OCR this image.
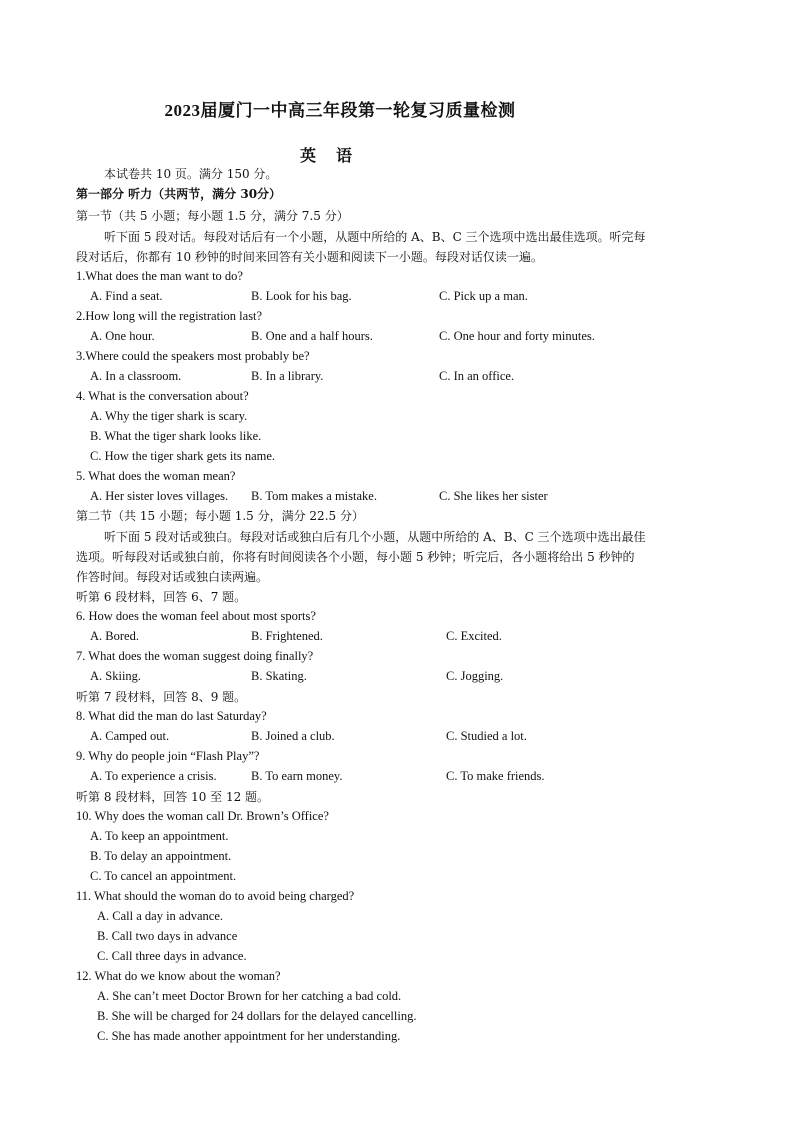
2023届厦门一中高三年段第一轮复习质量检测
英 语
本试卷共 10 页。满分 150 分。
第一部分 听力（共两节，满分 30分）
第一节（共 5 小题；每小题 1.5 分，满分 7.5 分）
听下面 5 段对话。每段对话后有一个小题，从题中所给的 A、B、C 三个选项中选出最佳选项。听完每
段对话后，你都有 10 秒钟的时间来回答有关小题和阅读下一小题。每段对话仅读一遍。
1.What does the man want to do?
A. Find a seat.	B. Look for his bag.	C. Pick up a man.
2.How long will the registration last?
A. One hour.	B. One and a half hours.	C. One hour and forty minutes.
3.Where could the speakers most probably be?
A. In a classroom.	B. In a library.	C. In an office.
4. What is the conversation about?
A. Why the tiger shark is scary.
B. What the tiger shark looks like.
C. How the tiger shark gets its name.
5. What does the woman mean?
A. Her sister loves villages. B. Tom makes a mistake.	C. She likes her sister
第二节（共 15 小题；每小题 1.5 分，满分 22.5 分）
听下面 5 段对话或独白。每段对话或独白后有几个小题，从题中所给的 A、B、C 三个选项中选出最佳
选项。听每段对话或独白前，你将有时间阅读各个小题，每小题 5 秒钟；听完后，各小题将给出 5 秒钟的
作答时间。每段对话或独白读两遍。
听第 6 段材料，回答 6、7 题。
6. How does the woman feel about most sports?
A. Bored.	B. Frightened.	C. Excited.
7. What does the woman suggest doing finally?
A. Skiing.	B. Skating.	C. Jogging.
听第 7 段材料，回答 8、9 题。
8. What did the man do last Saturday?
A. Camped out.	B. Joined a club.	C. Studied a lot.
9. Why do people join “Flash Play”?
A. To experience a crisis.	B. To earn money.	C. To make friends.
听第 8 段材料，回答 10 至 12 题。
10. Why does the woman call Dr. Brown’s Office?
A. To keep an appointment.
B. To delay an appointment.
C. To cancel an appointment.
11. What should the woman do to avoid being charged?
A. Call a day in advance.
B. Call two days in advance
C. Call three days in advance.
12. What do we know about the woman?
A. She can’t meet Doctor Brown for her catching a bad cold.
B. She will be charged for 24 dollars for the delayed cancelling.
C. She has made another appointment for her understanding.
